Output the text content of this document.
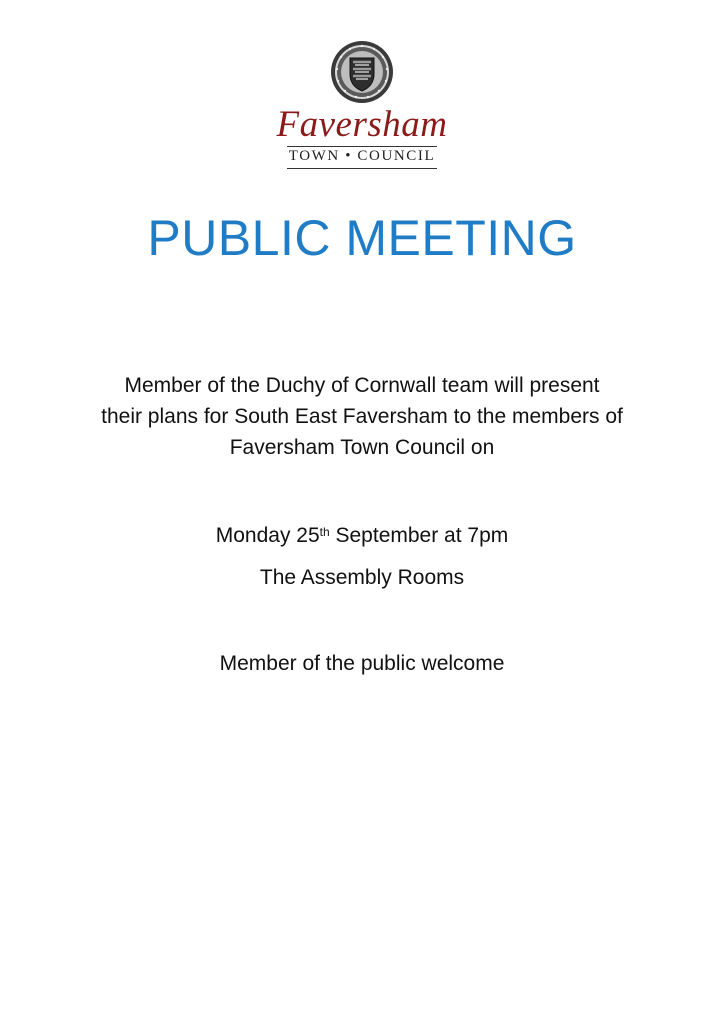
Faversham
TOWN • COUNCIL
PUBLIC MEETING
Member of the Duchy of Cornwall team will present
their plans for South East Faversham to the members of
Faversham Town Council on
Monday 25th September at 7pm
The Assembly Rooms
Member of the public welcome
